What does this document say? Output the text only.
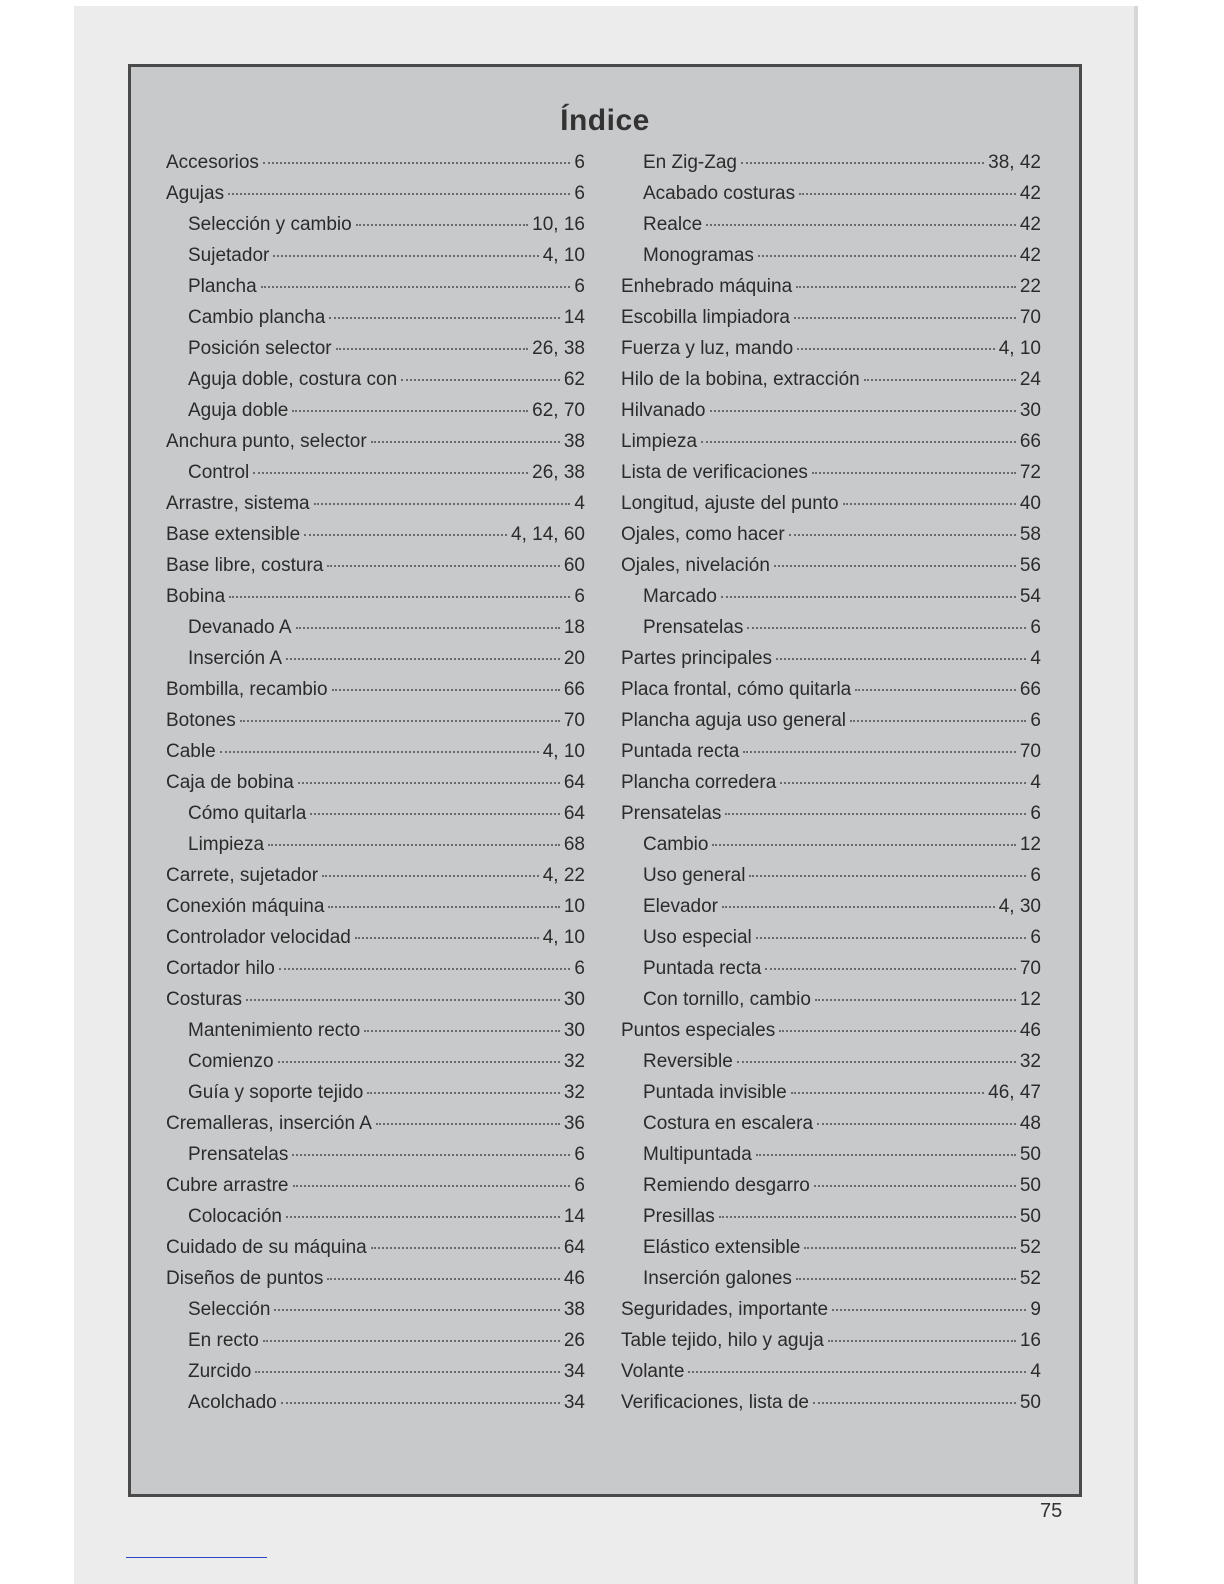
Índice
Accesorios	6
Agujas	6
Selección y cambio	10, 16
Sujetador	4, 10
Plancha	6
Cambio plancha	14
Posición selector	26, 38
Aguja doble, costura con	62
Aguja doble	62, 70
Anchura punto, selector	38
Control	26, 38
Arrastre, sistema	4
Base extensible	4, 14, 60
Base libre, costura	60
Bobina	6
Devanado A	18
Inserción A	20
Bombilla, recambio	66
Botones	70
Cable	4, 10
Caja de bobina	64
Cómo quitarla	64
Limpieza	68
Carrete, sujetador	4, 22
Conexión máquina	10
Controlador velocidad	4, 10
Cortador hilo	6
Costuras	30
Mantenimiento recto	30
Comienzo	32
Guía y soporte tejido	32
Cremalleras, inserción A	36
Prensatelas	6
Cubre arrastre	6
Colocación	14
Cuidado de su máquina	64
Diseños de puntos	46
Selección	38
En recto	26
Zurcido	34
Acolchado	34
En Zig-Zag	38, 42
Acabado costuras	42
Realce	42
Monogramas	42
Enhebrado máquina	22
Escobilla limpiadora	70
Fuerza y luz, mando	4, 10
Hilo de la bobina, extracción	24
Hilvanado	30
Limpieza	66
Lista de verificaciones	72
Longitud, ajuste del punto	40
Ojales, como hacer	58
Ojales, nivelación	56
Marcado	54
Prensatelas	6
Partes principales	4
Placa frontal, cómo quitarla	66
Plancha aguja uso general	6
Puntada recta	70
Plancha corredera	4
Prensatelas	6
Cambio	12
Uso general	6
Elevador	4, 30
Uso especial	6
Puntada recta	70
Con tornillo, cambio	12
Puntos especiales	46
Reversible	32
Puntada invisible	46, 47
Costura en escalera	48
Multipuntada	50
Remiendo desgarro	50
Presillas	50
Elástico extensible	52
Inserción galones	52
Seguridades, importante	9
Table tejido, hilo y aguja	16
Volante	4
Verificaciones, lista de	50
75
